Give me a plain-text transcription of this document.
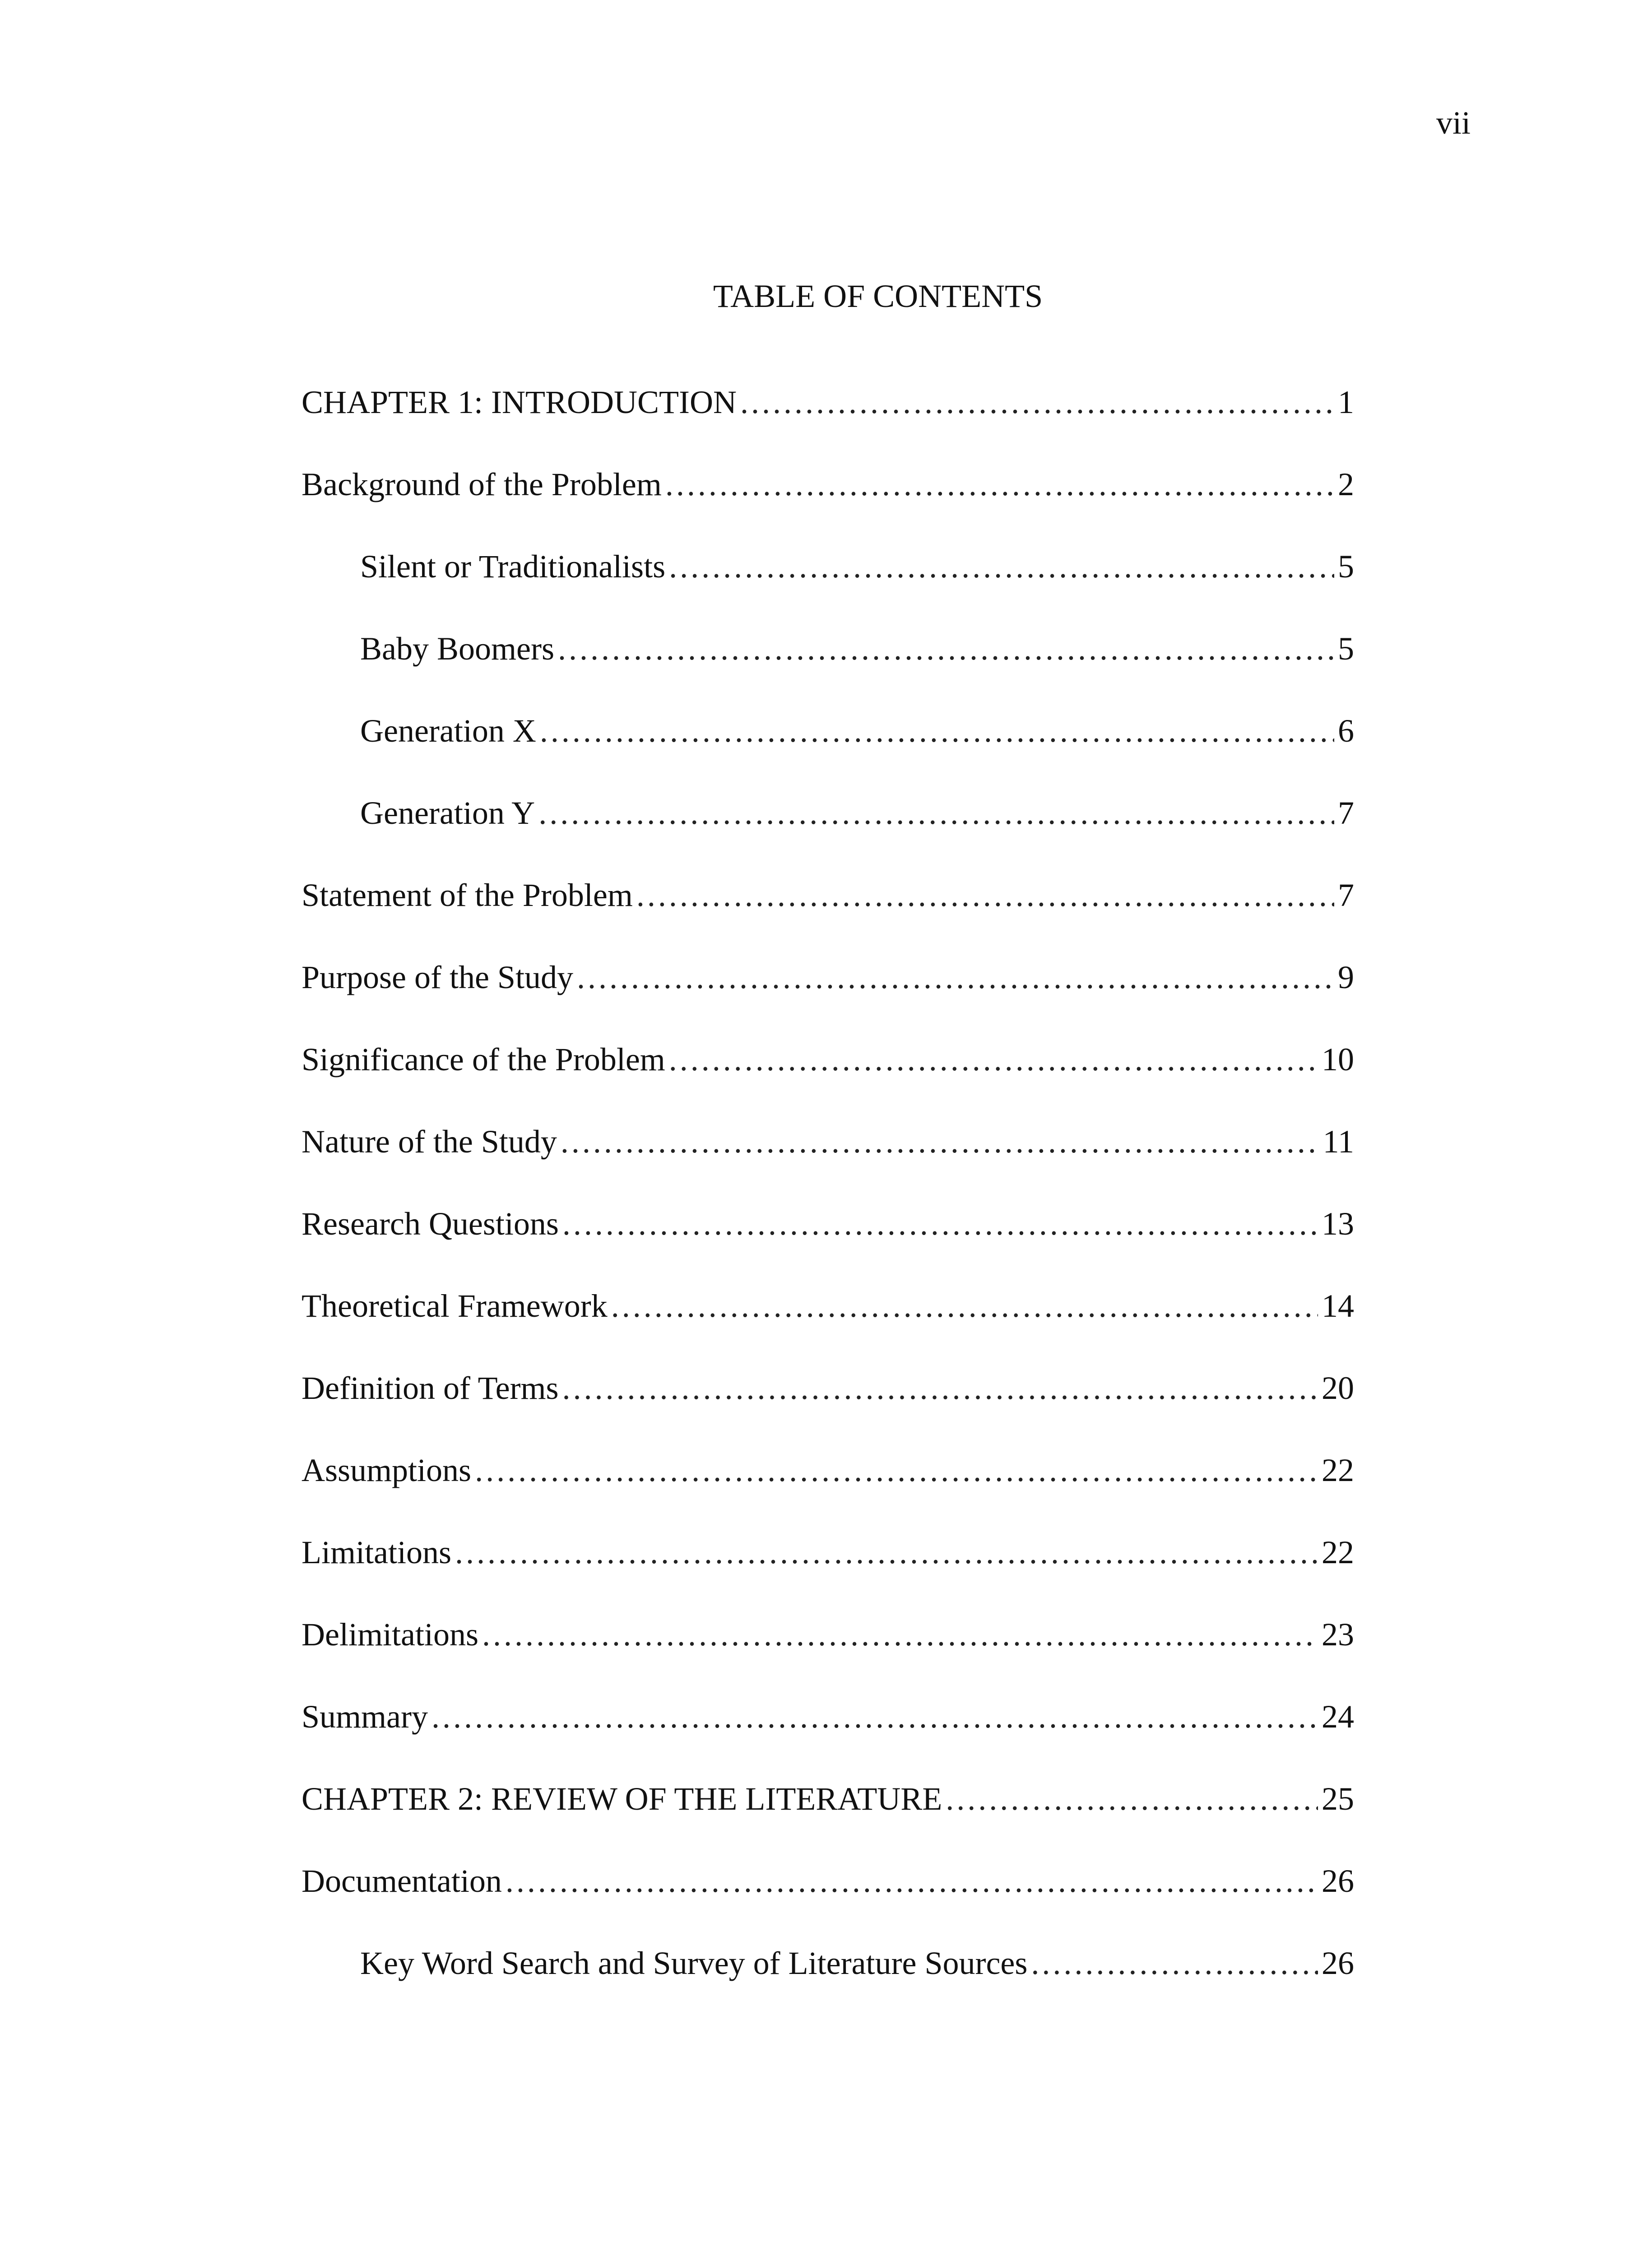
vii
TABLE OF CONTENTS
CHAPTER 1: INTRODUCTION .....	1
Background of the Problem .....	2
Silent or Traditionalists .....	5
Baby Boomers .....	5
Generation X .....	6
Generation Y .....	7
Statement of the Problem .....	7
Purpose of the Study .....	9
Significance of the Problem .....	10
Nature of the Study .....	11
Research Questions .....	13
Theoretical Framework .....	14
Definition of Terms .....	20
Assumptions .....	22
Limitations .....	22
Delimitations .....	23
Summary .....	24
CHAPTER 2: REVIEW OF THE LITERATURE .....	25
Documentation .....	26
Key Word Search and Survey of Literature Sources .....	26
